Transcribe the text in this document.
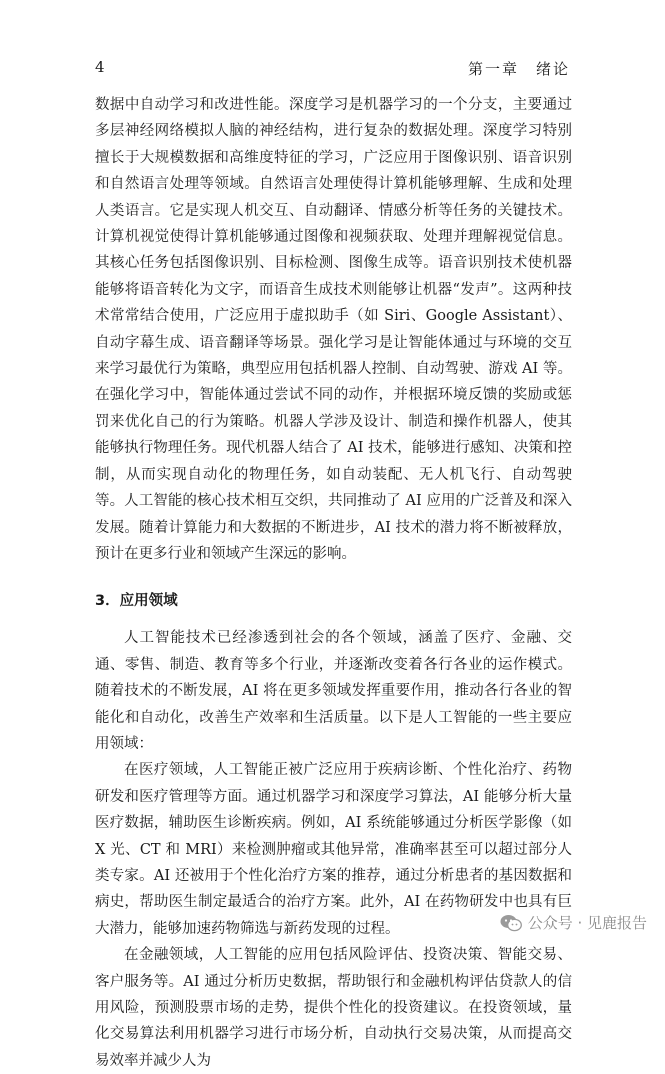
4	第一章　绪论

数据中自动学习和改进性能。深度学习是机器学习的一个分支，主要通过多层神经网络模拟人脑的神经结构，进行复杂的数据处理。深度学习特别擅长于大规模数据和高维度特征的学习，广泛应用于图像识别、语音识别和自然语言处理等领域。自然语言处理使得计算机能够理解、生成和处理人类语言。它是实现人机交互、自动翻译、情感分析等任务的关键技术。计算机视觉使得计算机能够通过图像和视频获取、处理并理解视觉信息。其核心任务包括图像识别、目标检测、图像生成等。语音识别技术使机器能够将语音转化为文字，而语音生成技术则能够让机器“发声”。这两种技术常常结合使用，广泛应用于虚拟助手（如 Siri、Google Assistant）、自动字幕生成、语音翻译等场景。强化学习是让智能体通过与环境的交互来学习最优行为策略，典型应用包括机器人控制、自动驾驶、游戏 AI 等。在强化学习中，智能体通过尝试不同的动作，并根据环境反馈的奖励或惩罚来优化自己的行为策略。机器人学涉及设计、制造和操作机器人，使其能够执行物理任务。现代机器人结合了 AI 技术，能够进行感知、决策和控制，从而实现自动化的物理任务，如自动装配、无人机飞行、自动驾驶等。人工智能的核心技术相互交织，共同推动了 AI 应用的广泛普及和深入发展。随着计算能力和大数据的不断进步，AI 技术的潜力将不断被释放，预计在更多行业和领域产生深远的影响。

3．应用领域

人工智能技术已经渗透到社会的各个领域，涵盖了医疗、金融、交通、零售、制造、教育等多个行业，并逐渐改变着各行各业的运作模式。随着技术的不断发展，AI 将在更多领域发挥重要作用，推动各行各业的智能化和自动化，改善生产效率和生活质量。以下是人工智能的一些主要应用领域：

在医疗领域，人工智能正被广泛应用于疾病诊断、个性化治疗、药物研发和医疗管理等方面。通过机器学习和深度学习算法，AI 能够分析大量医疗数据，辅助医生诊断疾病。例如，AI 系统能够通过分析医学影像（如 X 光、CT 和 MRI）来检测肿瘤或其他异常，准确率甚至可以超过部分人类专家。AI 还被用于个性化治疗方案的推荐，通过分析患者的基因数据和病史，帮助医生制定最适合的治疗方案。此外，AI 在药物研发中也具有巨大潜力，能够加速药物筛选与新药发现的过程。

在金融领域，人工智能的应用包括风险评估、投资决策、智能交易、客户服务等。AI 通过分析历史数据，帮助银行和金融机构评估贷款人的信用风险，预测股票市场的走势，提供个性化的投资建议。在投资领域，量化交易算法利用机器学习进行市场分析，自动执行交易决策，从而提高交易效率并减少人为

公众号 · 见鹿报告
